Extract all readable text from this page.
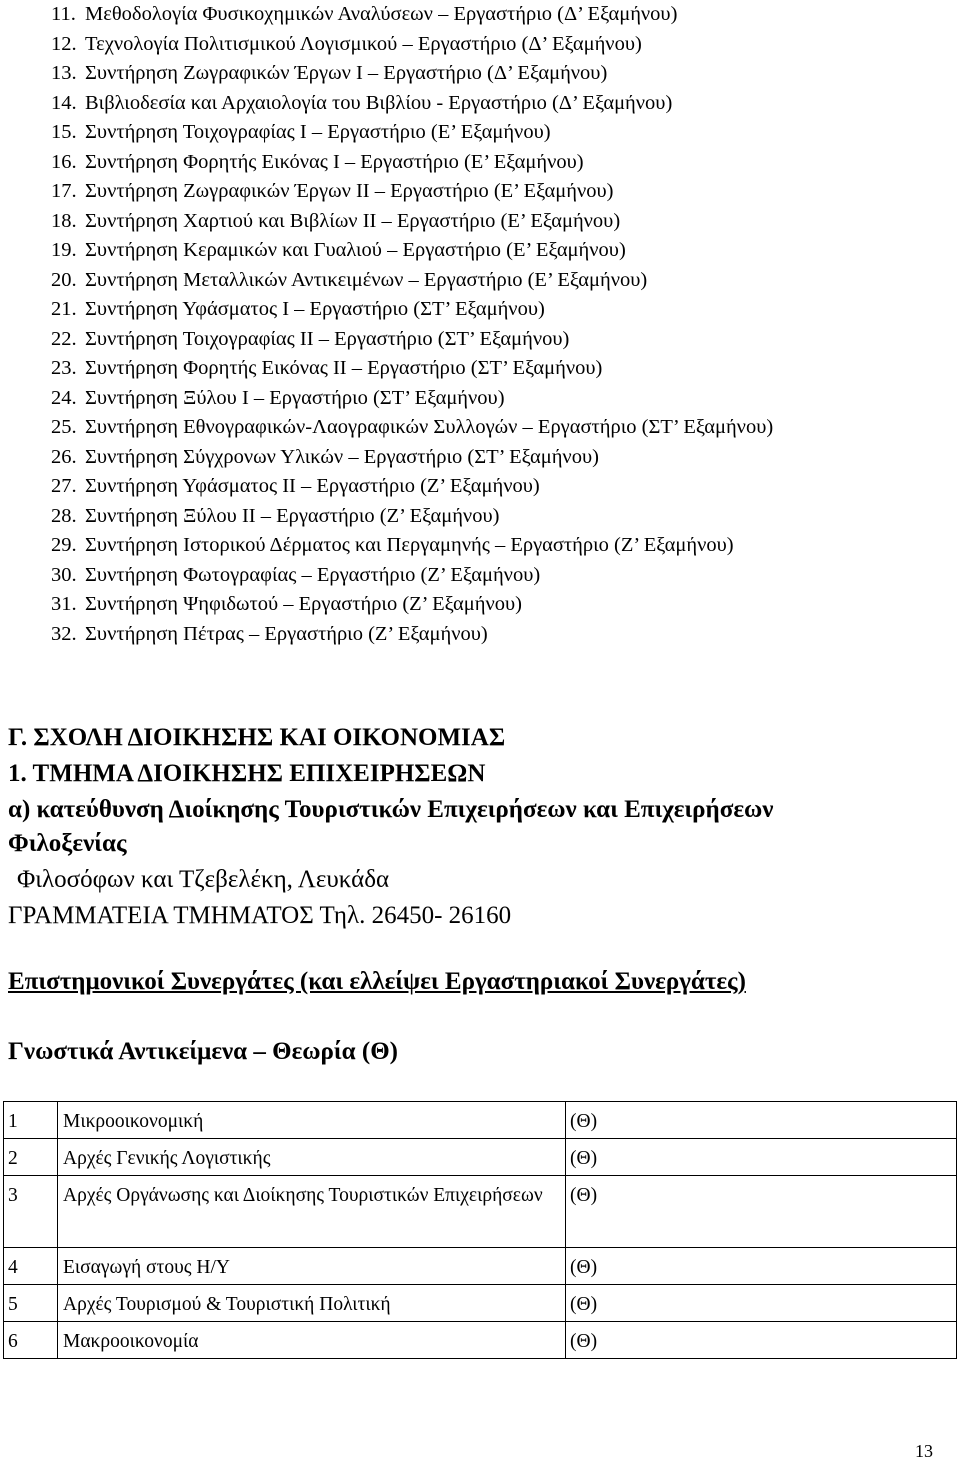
11. Μεθοδολογία Φυσικοχημικών Αναλύσεων – Εργαστήριο (Δ’ Εξαμήνου)
12. Τεχνολογία Πολιτισμικού Λογισμικού – Εργαστήριο (Δ’ Εξαμήνου)
13. Συντήρηση Ζωγραφικών Έργων Ι – Εργαστήριο (Δ’ Εξαμήνου)
14. Βιβλιοδεσία και Αρχαιολογία του Βιβλίου - Εργαστήριο (Δ’ Εξαμήνου)
15. Συντήρηση Τοιχογραφίας Ι – Εργαστήριο (Ε’ Εξαμήνου)
16. Συντήρηση Φορητής Εικόνας Ι – Εργαστήριο (Ε’ Εξαμήνου)
17. Συντήρηση Ζωγραφικών Έργων ΙΙ – Εργαστήριο (Ε’ Εξαμήνου)
18. Συντήρηση Χαρτιού και Βιβλίων ΙΙ – Εργαστήριο (Ε’ Εξαμήνου)
19. Συντήρηση Κεραμικών και Γυαλιού – Εργαστήριο (Ε’ Εξαμήνου)
20. Συντήρηση Μεταλλικών Αντικειμένων – Εργαστήριο (Ε’ Εξαμήνου)
21. Συντήρηση Υφάσματος Ι – Εργαστήριο (ΣΤ’ Εξαμήνου)
22. Συντήρηση Τοιχογραφίας ΙΙ – Εργαστήριο (ΣΤ’ Εξαμήνου)
23. Συντήρηση Φορητής Εικόνας ΙΙ – Εργαστήριο (ΣΤ’ Εξαμήνου)
24. Συντήρηση Ξύλου Ι – Εργαστήριο (ΣΤ’ Εξαμήνου)
25. Συντήρηση Εθνογραφικών-Λαογραφικών Συλλογών – Εργαστήριο (ΣΤ’ Εξαμήνου)
26. Συντήρηση Σύγχρονων Υλικών – Εργαστήριο (ΣΤ’ Εξαμήνου)
27. Συντήρηση Υφάσματος ΙΙ – Εργαστήριο (Ζ’ Εξαμήνου)
28. Συντήρηση Ξύλου ΙΙ – Εργαστήριο (Ζ’ Εξαμήνου)
29. Συντήρηση Ιστορικού Δέρματος και Περγαμηνής – Εργαστήριο (Ζ’ Εξαμήνου)
30. Συντήρηση Φωτογραφίας – Εργαστήριο (Ζ’ Εξαμήνου)
31. Συντήρηση Ψηφιδωτού – Εργαστήριο (Ζ’ Εξαμήνου)
32. Συντήρηση Πέτρας – Εργαστήριο (Ζ’ Εξαμήνου)
Γ. ΣΧΟΛΗ ΔΙΟΙΚΗΣΗΣ ΚΑΙ ΟΙΚΟΝΟΜΙΑΣ
1. ΤΜΗΜΑ ΔΙΟΙΚΗΣΗΣ ΕΠΙΧΕΙΡΗΣΕΩΝ
α) κατεύθυνση Διοίκησης Τουριστικών Επιχειρήσεων και Επιχειρήσεων
Φιλοξενίας
Φιλοσόφων και Τζεβελέκη, Λευκάδα
ΓΡΑΜΜΑΤΕΙΑ ΤΜΗΜΑΤΟΣ Τηλ. 26450- 26160
Επιστημονικοί Συνεργάτες (και ελλείψει Εργαστηριακοί Συνεργάτες)
Γνωστικά Αντικείμενα – Θεωρία (Θ)
1	Μικροοικονομική	(Θ)
2	Αρχές Γενικής Λογιστικής	(Θ)
3	Αρχές Οργάνωσης και Διοίκησης Τουριστικών Επιχειρήσεων	(Θ)
4	Εισαγωγή στους Η/Υ	(Θ)
5	Αρχές Τουρισμού & Τουριστική Πολιτική	(Θ)
6	Μακροοικονομία	(Θ)
13
